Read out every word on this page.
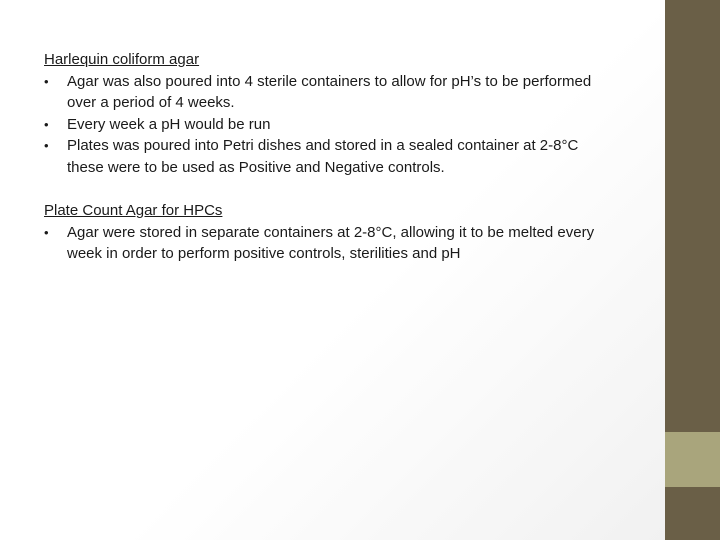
Harlequin coliform agar

•	Agar was also poured into 4 sterile containers to allow for pH’s to be performed over a period of 4 weeks.
•	Every week a pH would be run
•	Plates was poured into Petri dishes and stored in a sealed container at 2-8°C these were to be used as Positive and Negative controls.

Plate Count Agar for HPCs

•	Agar were stored in separate containers at 2-8°C, allowing it to be melted every week in order to perform positive controls, sterilities and pH
